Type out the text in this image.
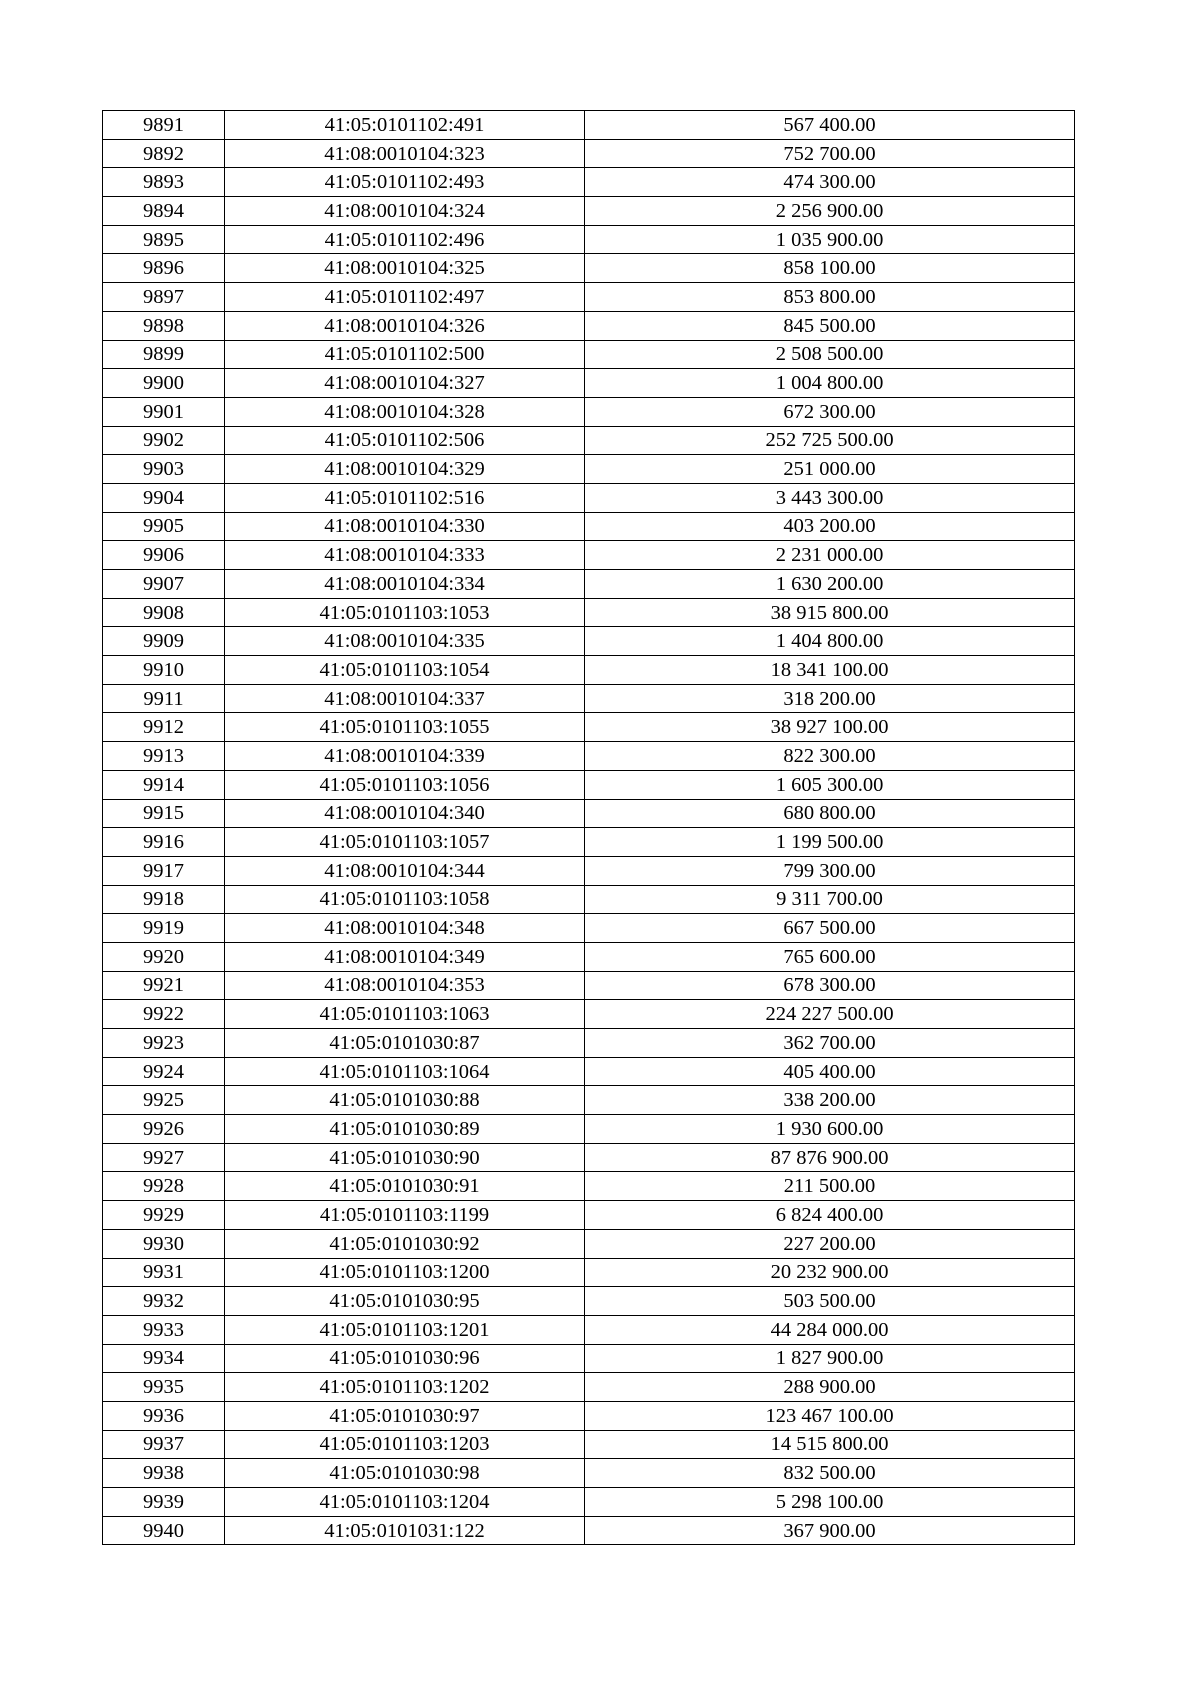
9891	41:05:0101102:491	567 400.00
9892	41:08:0010104:323	752 700.00
9893	41:05:0101102:493	474 300.00
9894	41:08:0010104:324	2 256 900.00
9895	41:05:0101102:496	1 035 900.00
9896	41:08:0010104:325	858 100.00
9897	41:05:0101102:497	853 800.00
9898	41:08:0010104:326	845 500.00
9899	41:05:0101102:500	2 508 500.00
9900	41:08:0010104:327	1 004 800.00
9901	41:08:0010104:328	672 300.00
9902	41:05:0101102:506	252 725 500.00
9903	41:08:0010104:329	251 000.00
9904	41:05:0101102:516	3 443 300.00
9905	41:08:0010104:330	403 200.00
9906	41:08:0010104:333	2 231 000.00
9907	41:08:0010104:334	1 630 200.00
9908	41:05:0101103:1053	38 915 800.00
9909	41:08:0010104:335	1 404 800.00
9910	41:05:0101103:1054	18 341 100.00
9911	41:08:0010104:337	318 200.00
9912	41:05:0101103:1055	38 927 100.00
9913	41:08:0010104:339	822 300.00
9914	41:05:0101103:1056	1 605 300.00
9915	41:08:0010104:340	680 800.00
9916	41:05:0101103:1057	1 199 500.00
9917	41:08:0010104:344	799 300.00
9918	41:05:0101103:1058	9 311 700.00
9919	41:08:0010104:348	667 500.00
9920	41:08:0010104:349	765 600.00
9921	41:08:0010104:353	678 300.00
9922	41:05:0101103:1063	224 227 500.00
9923	41:05:0101030:87	362 700.00
9924	41:05:0101103:1064	405 400.00
9925	41:05:0101030:88	338 200.00
9926	41:05:0101030:89	1 930 600.00
9927	41:05:0101030:90	87 876 900.00
9928	41:05:0101030:91	211 500.00
9929	41:05:0101103:1199	6 824 400.00
9930	41:05:0101030:92	227 200.00
9931	41:05:0101103:1200	20 232 900.00
9932	41:05:0101030:95	503 500.00
9933	41:05:0101103:1201	44 284 000.00
9934	41:05:0101030:96	1 827 900.00
9935	41:05:0101103:1202	288 900.00
9936	41:05:0101030:97	123 467 100.00
9937	41:05:0101103:1203	14 515 800.00
9938	41:05:0101030:98	832 500.00
9939	41:05:0101103:1204	5 298 100.00
9940	41:05:0101031:122	367 900.00
